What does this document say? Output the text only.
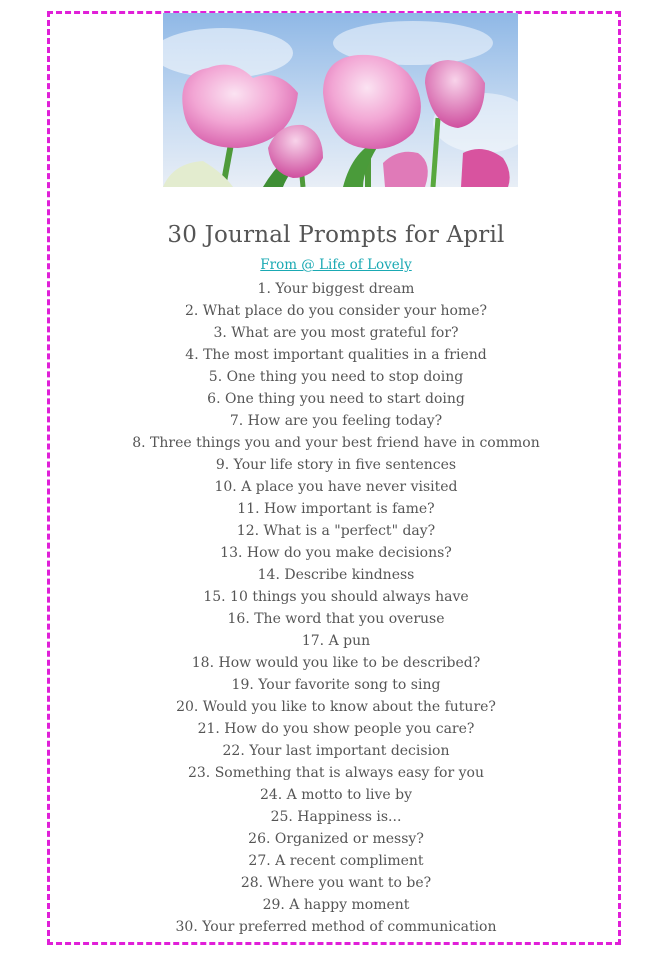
30 Journal Prompts for April
From @ Life of Lovely
1. Your biggest dream
2. What place do you consider your home?
3. What are you most grateful for?
4. The most important qualities in a friend
5. One thing you need to stop doing
6. One thing you need to start doing
7. How are you feeling today?
8. Three things you and your best friend have in common
9. Your life story in five sentences
10. A place you have never visited
11. How important is fame?
12. What is a "perfect" day?
13. How do you make decisions?
14. Describe kindness
15. 10 things you should always have
16. The word that you overuse
17. A pun
18. How would you like to be described?
19. Your favorite song to sing
20. Would you like to know about the future?
21. How do you show people you care?
22. Your last important decision
23. Something that is always easy for you
24. A motto to live by
25. Happiness is...
26. Organized or messy?
27. A recent compliment
28. Where you want to be?
29. A happy moment
30. Your preferred method of communication
